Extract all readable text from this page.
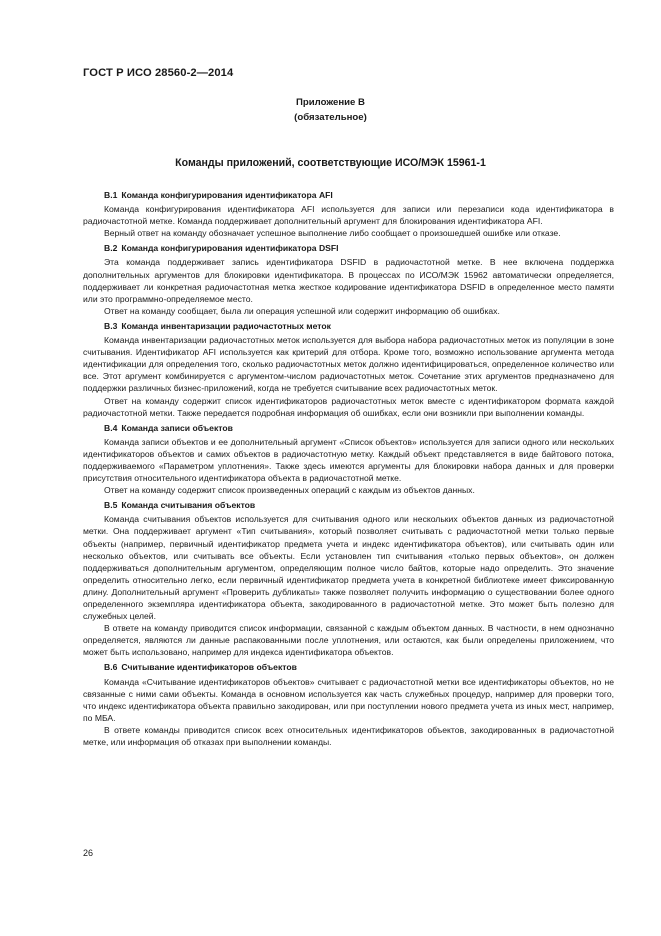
ГОСТ Р ИСО 28560-2—2014
Приложение В
(обязательное)
Команды приложений, соответствующие ИСО/МЭК 15961-1
В.1 Команда конфигурирования идентификатора AFI

Команда конфигурирования идентификатора AFI используется для записи или перезаписи кода идентификатора в радиочастотной метке. Команда поддерживает дополнительный аргумент для блокирования идентификатора AFI.

Верный ответ на команду обозначает успешное выполнение либо сообщает о произошедшей ошибке или отказе.

В.2 Команда конфигурирования идентификатора DSFI

Эта команда поддерживает запись идентификатора DSFID в радиочастотной метке. В нее включена поддержка дополнительных аргументов для блокировки идентификатора. В процессах по ИСО/МЭК 15962 автоматически определяется, поддерживает ли конкретная радиочастотная метка жесткое кодирование идентификатора DSFID в определенное место памяти или это программно-определяемое место.

Ответ на команду сообщает, была ли операция успешной или содержит информацию об ошибках.

В.3 Команда инвентаризации радиочастотных меток

Команда инвентаризации радиочастотных меток используется для выбора набора радиочастотных меток из популяции в зоне считывания. Идентификатор AFI используется как критерий для отбора. Кроме того, возможно использование аргумента метода идентификации для определения того, сколько радиочастотных меток должно идентифицироваться, определенное количество или все. Этот аргумент комбинируется с аргументом-числом радиочастотных меток. Сочетание этих аргументов предназначено для поддержки различных бизнес-приложений, когда не требуется считывание всех радиочастотных меток.

Ответ на команду содержит список идентификаторов радиочастотных меток вместе с идентификатором формата каждой радиочастотной метки. Также передается подробная информация об ошибках, если они возникли при выполнении команды.

В.4 Команда записи объектов

Команда записи объектов и ее дополнительный аргумент «Список объектов» используется для записи одного или нескольких идентификаторов объектов и самих объектов в радиочастотную метку. Каждый объект представляется в виде байтового потока, поддерживаемого «Параметром уплотнения». Также здесь имеются аргументы для блокировки набора данных и для проверки присутствия относительного идентификатора объекта в радиочастотной метке.

Ответ на команду содержит список произведенных операций с каждым из объектов данных.

В.5 Команда считывания объектов

Команда считывания объектов используется для считывания одного или нескольких объектов данных из радиочастотной метки. Она поддерживает аргумент «Тип считывания», который позволяет считывать с радиочастотной метки только первые объекты (например, первичный идентификатор предмета учета и индекс идентификатора объектов), или считывать один или несколько объектов, или считывать все объекты. Если установлен тип считывания «только первых объектов», он должен поддерживаться дополнительным аргументом, определяющим полное число байтов, которые надо определить. Это значение определить относительно легко, если первичный идентификатор предмета учета в конкретной библиотеке имеет фиксированную длину. Дополнительный аргумент «Проверить дубликаты» также позволяет получить информацию о существовании более одного определенного экземпляра идентификатора объекта, закодированного в радиочастотной метке. Это может быть полезно для служебных целей.

В ответе на команду приводится список информации, связанной с каждым объектом данных. В частности, в нем однозначно определяется, являются ли данные распакованными после уплотнения, или остаются, как были определены приложением, что может быть использовано, например для индекса идентификатора объектов.

В.6 Считывание идентификаторов объектов

Команда «Считывание идентификаторов объектов» считывает с радиочастотной метки все идентификаторы объектов, но не связанные с ними сами объекты. Команда в основном используется как часть служебных процедур, например для проверки того, что индекс идентификатора объекта правильно закодирован, или при поступлении нового предмета учета из иных мест, например, по МБА.

В ответе команды приводится список всех относительных идентификаторов объектов, закодированных в радиочастотной метке, или информация об отказах при выполнении команды.

26
